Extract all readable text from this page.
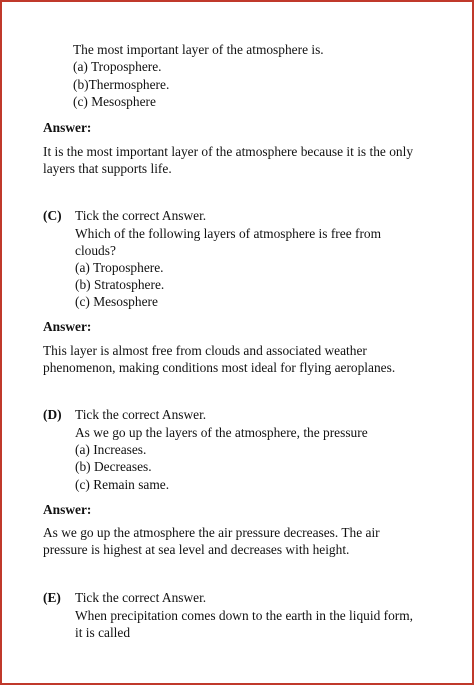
The most important layer of the atmosphere is.
(a) Troposphere.
(b)Thermosphere.
(c) Mesosphere
Answer:
It is the most important layer of the atmosphere because it is the only
layers that supports life.
(C) Tick the correct Answer.
Which of the following layers of atmosphere is free from
clouds?
(a) Troposphere.
(b) Stratosphere.
(c) Mesosphere
Answer:
This layer is almost free from clouds and associated weather
phenomenon, making conditions most ideal for flying aeroplanes.
(D) Tick the correct Answer.
As we go up the layers of the atmosphere, the pressure
(a) Increases.
(b) Decreases.
(c) Remain same.
Answer:
As we go up the atmosphere the air pressure decreases. The air
pressure is highest at sea level and decreases with height.
(E) Tick the correct Answer.
When precipitation comes down to the earth in the liquid form,
it is called
